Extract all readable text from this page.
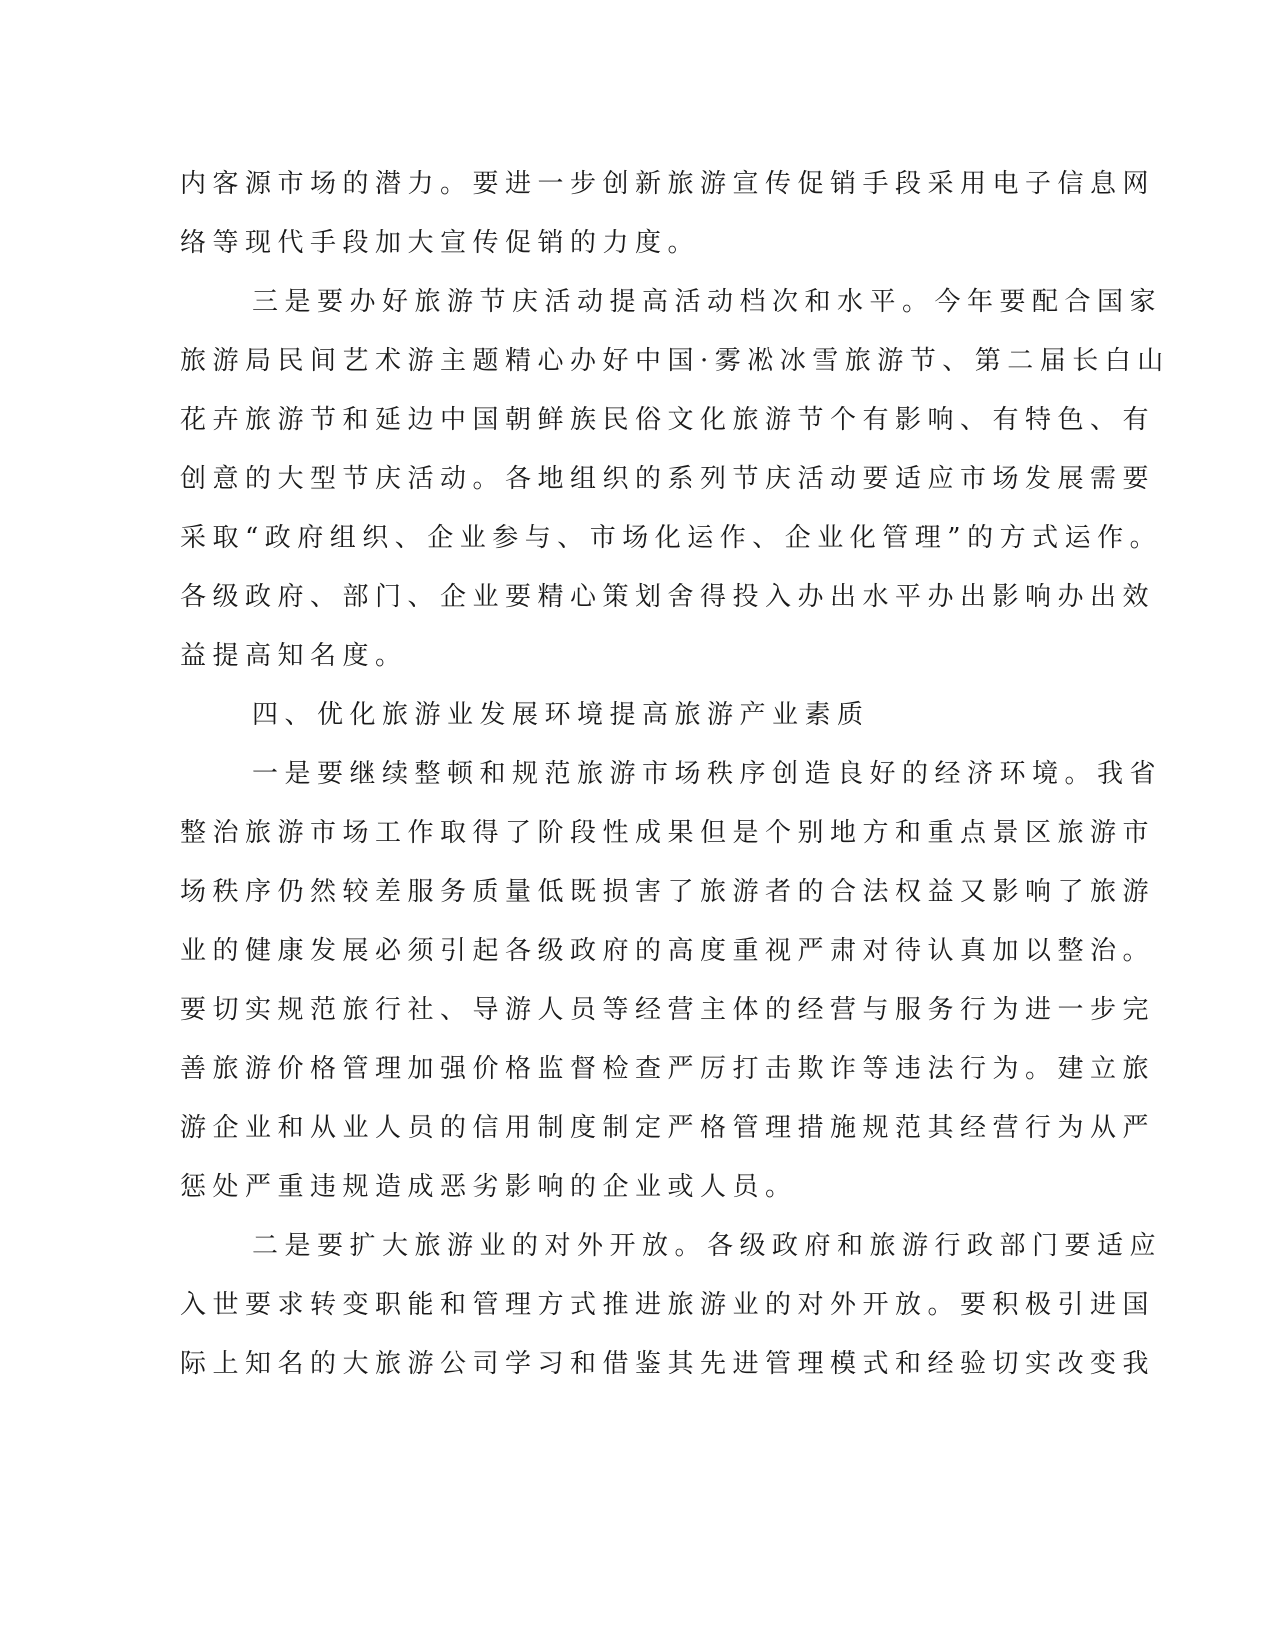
内客源市场的潜力。要进一步创新旅游宣传促销手段采用电子信息网
络等现代手段加大宣传促销的力度。
三是要办好旅游节庆活动提高活动档次和水平。今年要配合国家
旅游局民间艺术游主题精心办好中国·雾凇冰雪旅游节、第二届长白山
花卉旅游节和延边中国朝鲜族民俗文化旅游节个有影响、有特色、有
创意的大型节庆活动。各地组织的系列节庆活动要适应市场发展需要
采取“政府组织、企业参与、市场化运作、企业化管理”的方式运作。
各级政府、部门、企业要精心策划舍得投入办出水平办出影响办出效
益提高知名度。
四、优化旅游业发展环境提高旅游产业素质
一是要继续整顿和规范旅游市场秩序创造良好的经济环境。我省
整治旅游市场工作取得了阶段性成果但是个别地方和重点景区旅游市
场秩序仍然较差服务质量低既损害了旅游者的合法权益又影响了旅游
业的健康发展必须引起各级政府的高度重视严肃对待认真加以整治。
要切实规范旅行社、导游人员等经营主体的经营与服务行为进一步完
善旅游价格管理加强价格监督检查严厉打击欺诈等违法行为。建立旅
游企业和从业人员的信用制度制定严格管理措施规范其经营行为从严
惩处严重违规造成恶劣影响的企业或人员。
二是要扩大旅游业的对外开放。各级政府和旅游行政部门要适应
入世要求转变职能和管理方式推进旅游业的对外开放。要积极引进国
际上知名的大旅游公司学习和借鉴其先进管理模式和经验切实改变我
